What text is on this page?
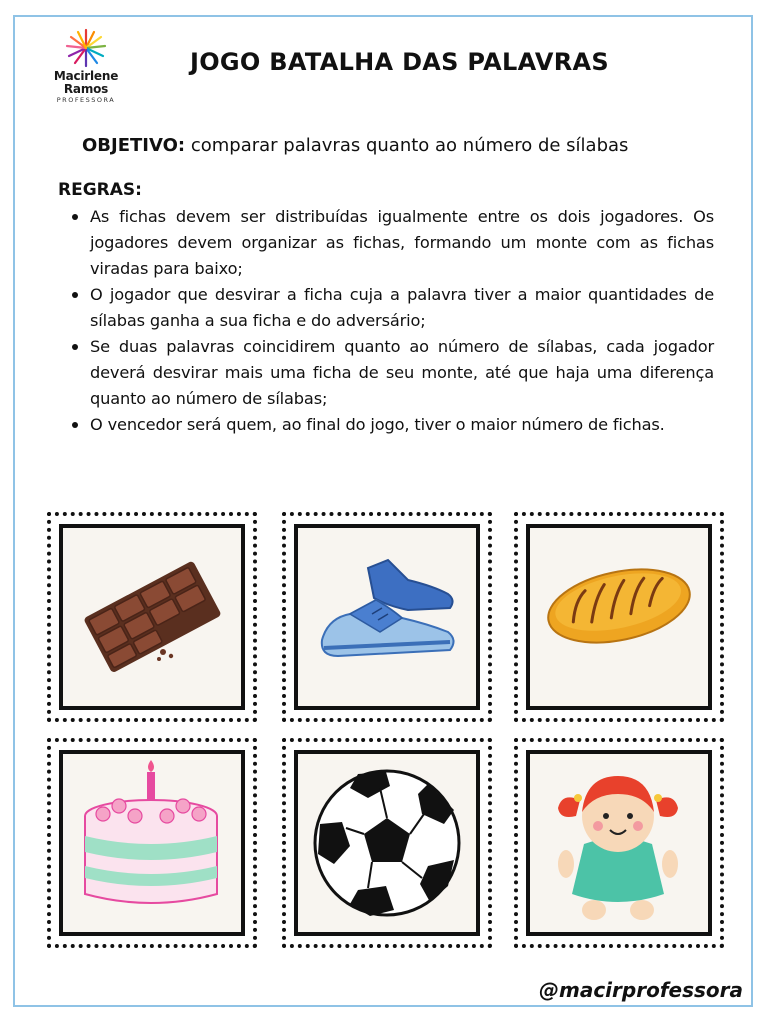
Macirlene Ramos
PROFESSORA
JOGO BATALHA DAS PALAVRAS
OBJETIVO: comparar palavras quanto ao número de sílabas
REGRAS:
As fichas devem ser distribuídas igualmente entre os dois jogadores. Os jogadores devem organizar as fichas, formando um monte com as fichas viradas para baixo;
O jogador que desvirar a ficha cuja a palavra tiver a maior quantidades de sílabas ganha a sua ficha e do adversário;
Se duas palavras coincidirem quanto ao número de sílabas, cada jogador deverá desvirar mais uma ficha de seu monte, até que haja uma diferença quanto ao número de sílabas;
O vencedor será quem, ao final do jogo, tiver o maior número de fichas.
@macirprofessora
